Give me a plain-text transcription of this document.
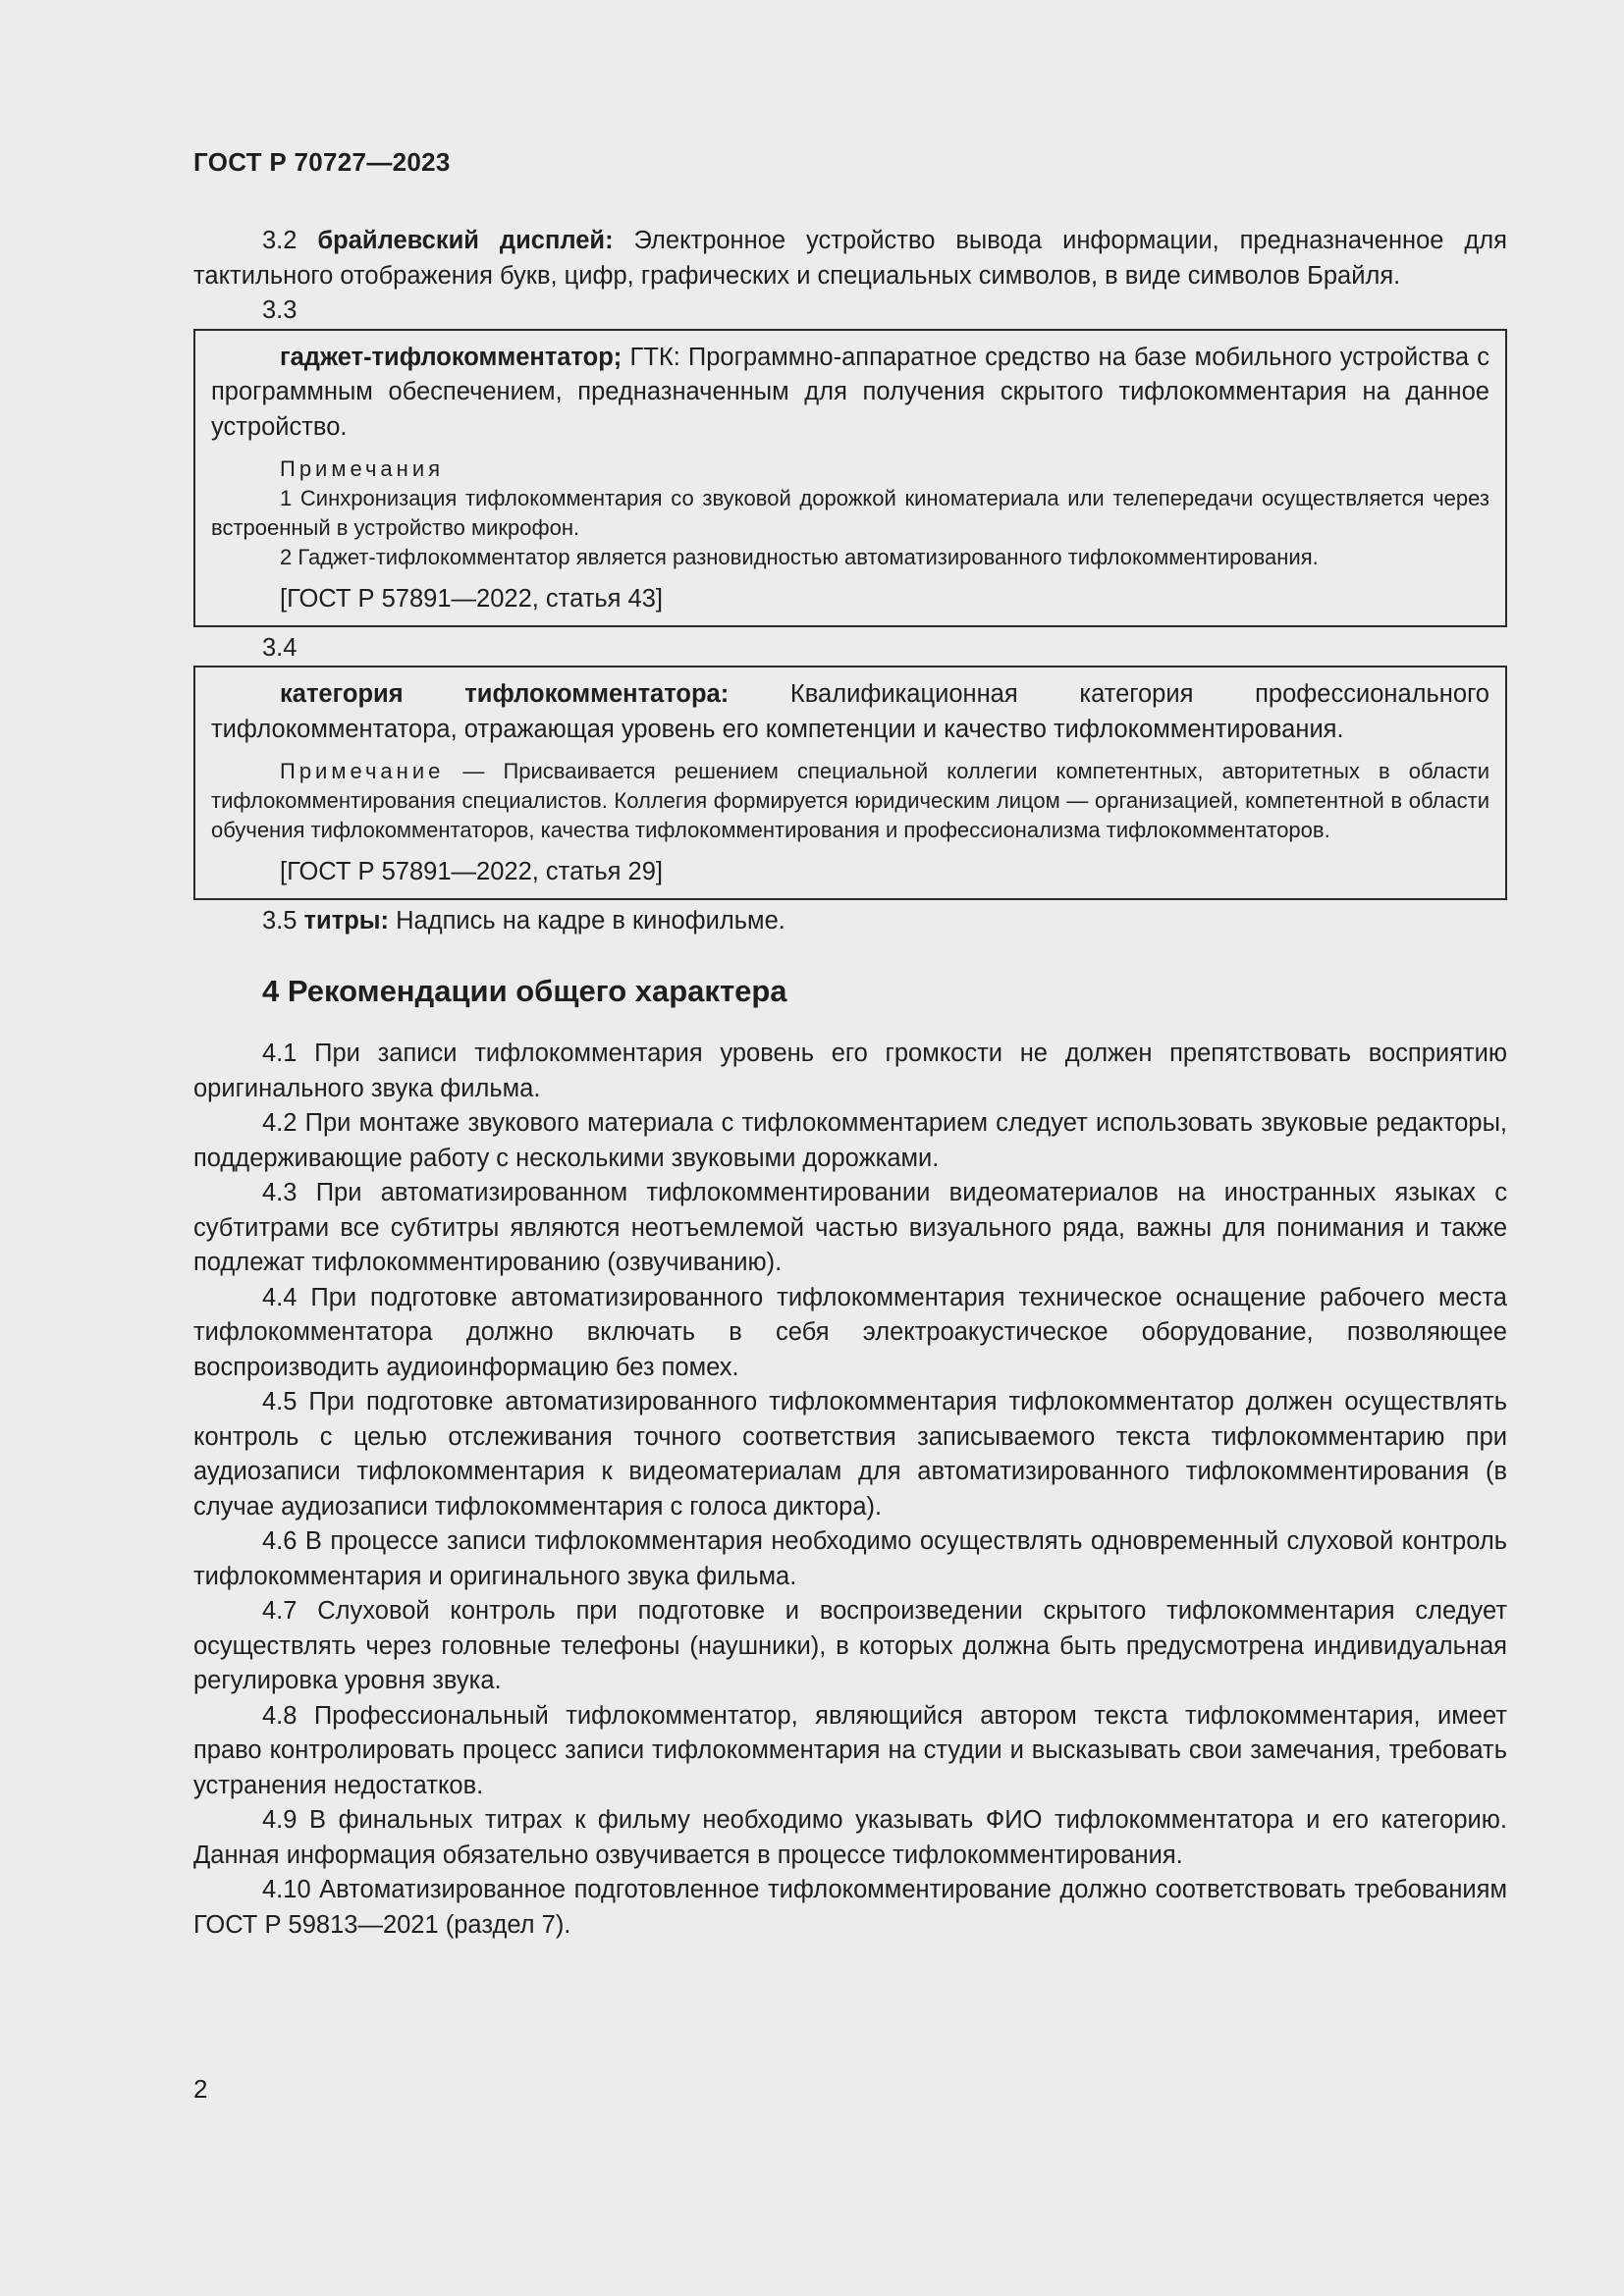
ГОСТ Р 70727—2023

3.2 брайлевский дисплей: Электронное устройство вывода информации, предназначенное для тактильного отображения букв, цифр, графических и специальных символов, в виде символов Брайля.

3.3

гаджет-тифлокомментатор; ГТК: Программно-аппаратное средство на базе мобильного устройства с программным обеспечением, предназначенным для получения скрытого тифлокомментария на данное устройство.

Примечания

1 Синхронизация тифлокомментария со звуковой дорожкой киноматериала или телепередачи осуществляется через встроенный в устройство микрофон.

2 Гаджет-тифлокомментатор является разновидностью автоматизированного тифлокомментирования.

[ГОСТ Р 57891—2022, статья 43]

3.4

категория тифлокомментатора: Квалификационная категория профессионального тифлокомментатора, отражающая уровень его компетенции и качество тифлокомментирования.

Примечание — Присваивается решением специальной коллегии компетентных, авторитетных в области тифлокомментирования специалистов. Коллегия формируется юридическим лицом — организацией, компетентной в области обучения тифлокомментаторов, качества тифлокомментирования и профессионализма тифлокомментаторов.

[ГОСТ Р 57891—2022, статья 29]

3.5 титры: Надпись на кадре в кинофильме.

4 Рекомендации общего характера

4.1 При записи тифлокомментария уровень его громкости не должен препятствовать восприятию оригинального звука фильма.

4.2 При монтаже звукового материала с тифлокомментарием следует использовать звуковые редакторы, поддерживающие работу с несколькими звуковыми дорожками.

4.3 При автоматизированном тифлокомментировании видеоматериалов на иностранных языках с субтитрами все субтитры являются неотъемлемой частью визуального ряда, важны для понимания и также подлежат тифлокомментированию (озвучиванию).

4.4 При подготовке автоматизированного тифлокомментария техническое оснащение рабочего места тифлокомментатора должно включать в себя электроакустическое оборудование, позволяющее воспроизводить аудиоинформацию без помех.

4.5 При подготовке автоматизированного тифлокомментария тифлокомментатор должен осуществлять контроль с целью отслеживания точного соответствия записываемого текста тифлокомментарию при аудиозаписи тифлокомментария к видеоматериалам для автоматизированного тифлокомментирования (в случае аудиозаписи тифлокомментария с голоса диктора).

4.6 В процессе записи тифлокомментария необходимо осуществлять одновременный слуховой контроль тифлокомментария и оригинального звука фильма.

4.7 Слуховой контроль при подготовке и воспроизведении скрытого тифлокомментария следует осуществлять через головные телефоны (наушники), в которых должна быть предусмотрена индивидуальная регулировка уровня звука.

4.8 Профессиональный тифлокомментатор, являющийся автором текста тифлокомментария, имеет право контролировать процесс записи тифлокомментария на студии и высказывать свои замечания, требовать устранения недостатков.

4.9 В финальных титрах к фильму необходимо указывать ФИО тифлокомментатора и его категорию. Данная информация обязательно озвучивается в процессе тифлокомментирования.

4.10 Автоматизированное подготовленное тифлокомментирование должно соответствовать требованиям ГОСТ Р 59813—2021 (раздел 7).

2
